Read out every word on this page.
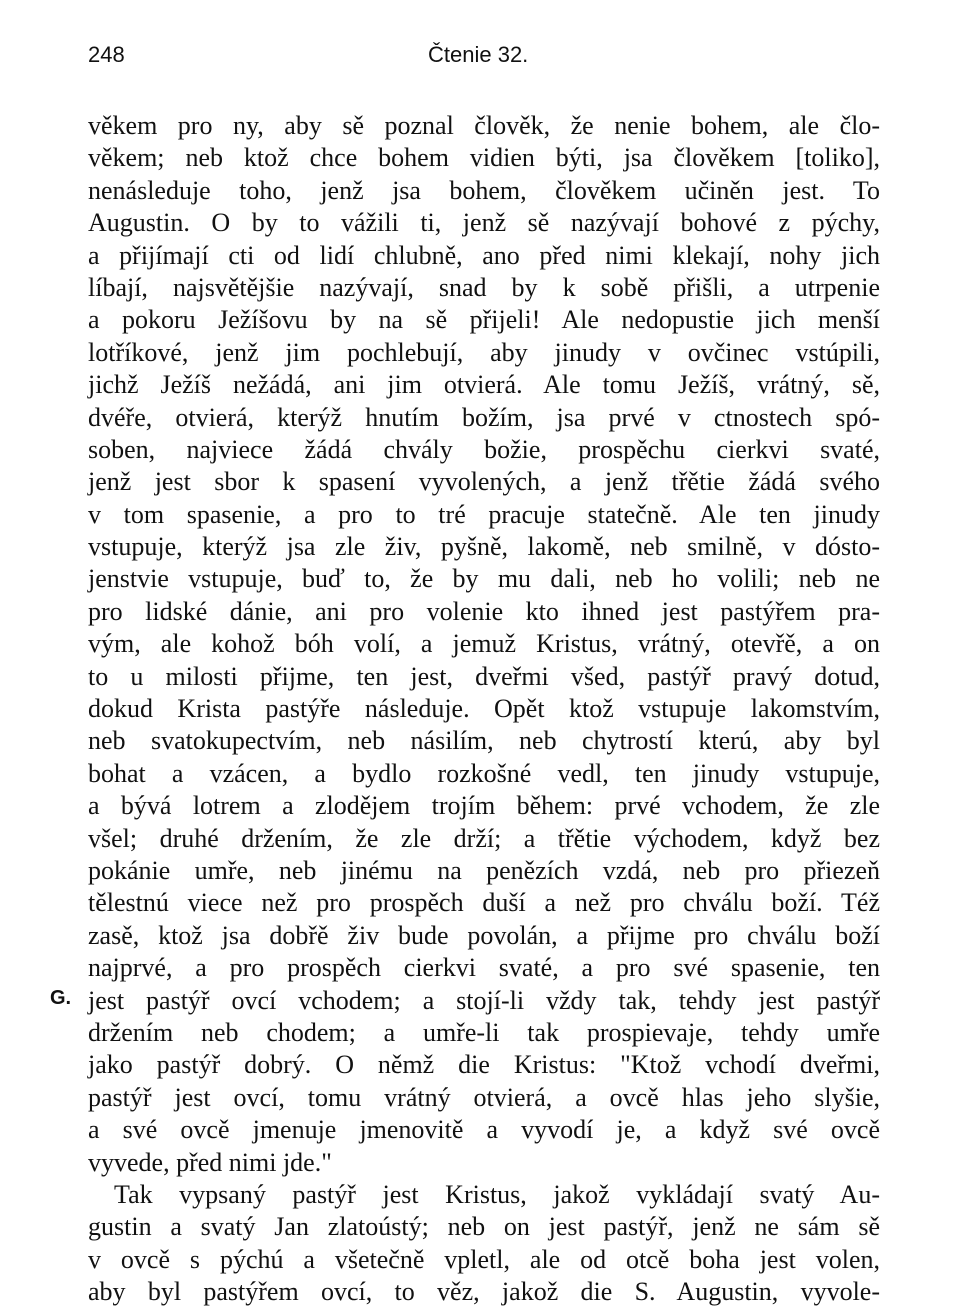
248	Čtenie 32.
G.
věkem pro ny, aby sě poznal člověk, že nenie bohem, ale člo-
věkem; neb ktož chce bohem vidien býti, jsa člověkem [toliko],
nenásleduje toho, jenž jsa bohem, člověkem učiněn jest. To
Augustin. O by to vážili ti, jenž sě nazývají bohové z pýchy,
a přijímají cti od lidí chlubně, ano před nimi klekají, nohy jich
líbají, najsvětějšie nazývají, snad by k sobě přišli, a utrpenie
a pokoru Ježíšovu by na sě přijeli! Ale nedopustie jich menší
lotříkové, jenž jim pochlebují, aby jinudy v ovčinec vstúpili,
jichž Ježíš nežádá, ani jim otvierá. Ale tomu Ježíš, vrátný, sě,
dvéře, otvierá, kterýž hnutím božím, jsa prvé v ctnostech spó-
soben, najviece žádá chvály božie, prospěchu cierkvi svaté,
jenž jest sbor k spasení vyvolených, a jenž třětie žádá svého
v tom spasenie, a pro to tré pracuje statečně. Ale ten jinudy
vstupuje, kterýž jsa zle živ, pyšně, lakomě, neb smilně, v dósto-
jenstvie vstupuje, buď to, že by mu dali, neb ho volili; neb ne
pro lidské dánie, ani pro volenie kto ihned jest pastýřem pra-
vým, ale kohož bóh volí, a jemuž Kristus, vrátný, otevřě, a on
to u milosti přijme, ten jest, dveřmi všed, pastýř pravý dotud,
dokud Krista pastýře následuje. Opět ktož vstupuje lakomstvím,
neb svatokupectvím, neb násilím, neb chytrostí kterú, aby byl
bohat a vzácen, a bydlo rozkošné vedl, ten jinudy vstupuje,
a bývá lotrem a zlodějem trojím během: prvé vchodem, že zle
všel; druhé držením, že zle drží; a třětie východem, když bez
pokánie umře, neb jinému na penězích vzdá, neb pro přiezeň
tělestnú viece než pro prospěch duší a než pro chválu boží. Též
zasě, ktož jsa dobřě živ bude povolán, a přijme pro chválu boží
najprvé, a pro prospěch cierkvi svaté, a pro své spasenie, ten
jest pastýř ovcí vchodem; a stojí-li vždy tak, tehdy jest pastýř
držením neb chodem; a umře-li tak prospievaje, tehdy umře
jako pastýř dobrý. O němž die Kristus: "Ktož vchodí dveřmi,
pastýř jest ovcí, tomu vrátný otvierá, a ovcě hlas jeho slyšie,
a své ovcě jmenuje jmenovitě a vyvodí je, a když své ovcě
vyvede, před nimi jde."
Tak vypsaný pastýř jest Kristus, jakož vykládají svatý Au-
gustin a svatý Jan zlatoústý; neb on jest pastýř, jenž ne sám sě
v ovcě s pýchú a všetečně vpletl, ale od otcě boha jest volen,
aby byl pastýřem ovcí, to věz, jakož die S. Augustin, vyvole-
